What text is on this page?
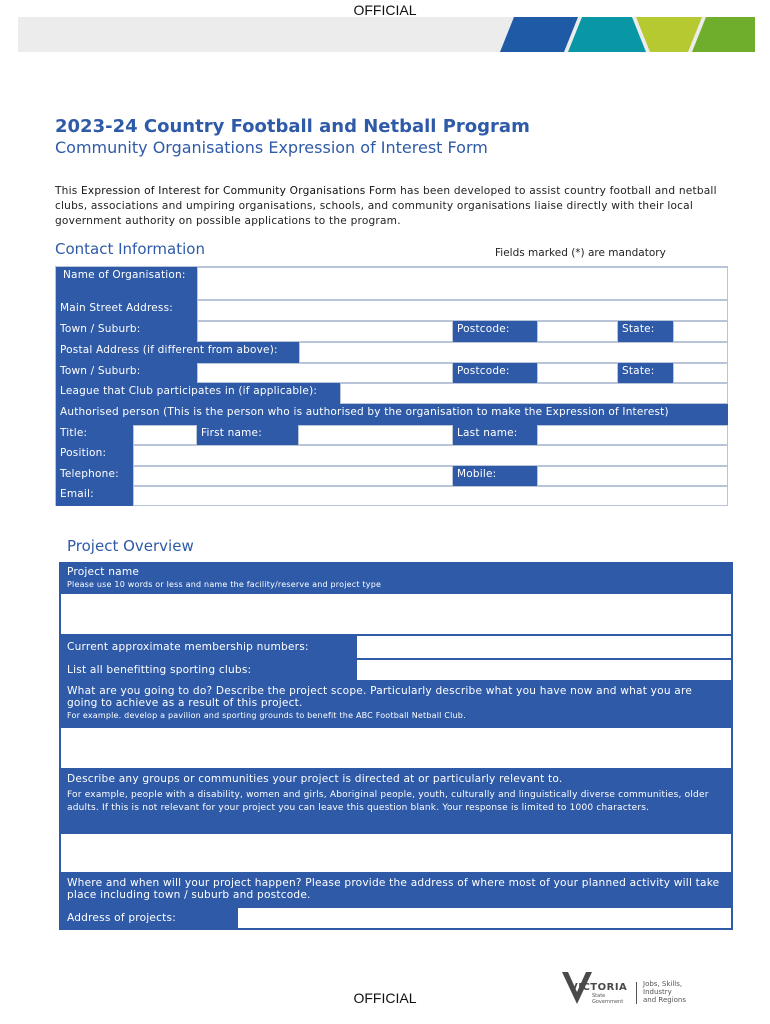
OFFICIAL
2023-24 Country Football and Netball Program
Community Organisations Expression of Interest Form
This Expression of Interest for Community Organisations Form has been developed to assist country football and netball clubs, associations and umpiring organisations, schools, and community organisations liaise directly with their local government authority on possible applications to the program.
Contact Information	Fields marked (*) are mandatory
Name of Organisation:
Main Street Address:
Town / Suburb:	Postcode:	State:
Postal Address (if different from above):
Town / Suburb:	Postcode:	State:
League that Club participates in (if applicable):
Authorised person (This is the person who is authorised by the organisation to make the Expression of Interest)
Title:	First name:	Last name:
Position:
Telephone:	Mobile:
Email:
Project Overview
Project name
Please use 10 words or less and name the facility/reserve and project type
Current approximate membership numbers:
List all benefitting sporting clubs:
What are you going to do? Describe the project scope. Particularly describe what you have now and what you are going to achieve as a result of this project.
For example. develop a pavilion and sporting grounds to benefit the ABC Football Netball Club.
Describe any groups or communities your project is directed at or particularly relevant to.
For example, people with a disability, women and girls, Aboriginal people, youth, culturally and linguistically diverse communities, older adults. If this is not relevant for your project you can leave this question blank. Your response is limited to 1000 characters.
Where and when will your project happen? Please provide the address of where most of your planned activity will take place including town / suburb and postcode.
Address of projects:
OFFICIAL
VICTORIA
State
Government
Jobs, Skills,
Industry
and Regions
